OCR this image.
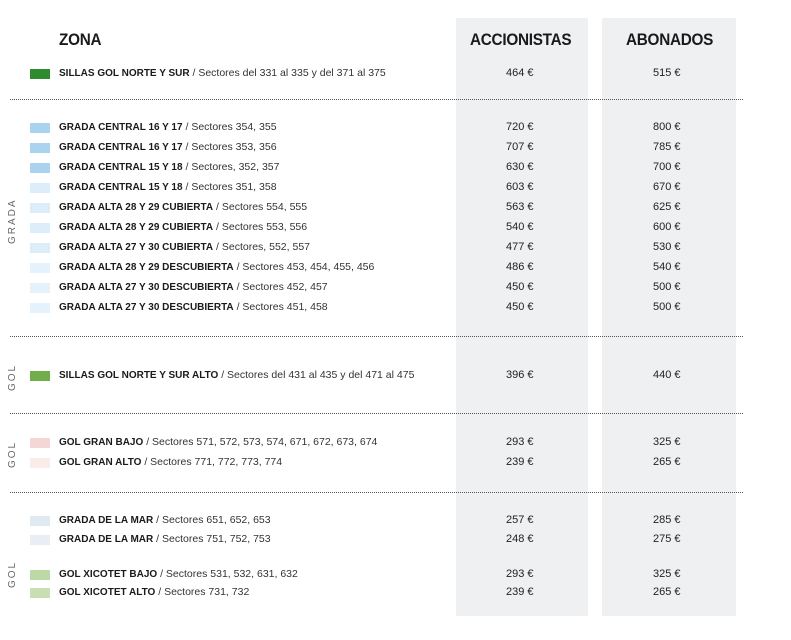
ZONA	ACCIONISTAS	ABONADOS
GRADA
GOL
GOL
GOL
SILLAS GOL NORTE Y SUR / Sectores del 331 al 335 y del 371 al 375	464 €	515 €
GRADA CENTRAL 16 Y 17 / Sectores 354, 355	720 €	800 €
GRADA CENTRAL 16 Y 17 / Sectores 353, 356	707 €	785 €
GRADA CENTRAL 15 Y 18 / Sectores, 352, 357	630 €	700 €
GRADA CENTRAL 15 Y 18 / Sectores 351, 358	603 €	670 €
GRADA ALTA 28 Y 29 CUBIERTA / Sectores 554, 555	563 €	625 €
GRADA ALTA 28 Y 29 CUBIERTA / Sectores 553, 556	540 €	600 €
GRADA ALTA 27 Y 30 CUBIERTA / Sectores, 552, 557	477 €	530 €
GRADA ALTA 28 Y 29 DESCUBIERTA / Sectores 453, 454, 455, 456	486 €	540 €
GRADA ALTA 27 Y 30 DESCUBIERTA / Sectores 452, 457	450 €	500 €
GRADA ALTA 27 Y 30 DESCUBIERTA / Sectores 451, 458	450 €	500 €
SILLAS GOL NORTE Y SUR ALTO / Sectores del 431 al 435 y del 471 al 475	396 €	440 €
GOL GRAN BAJO / Sectores 571, 572, 573, 574, 671, 672, 673, 674	293 €	325 €
GOL GRAN ALTO / Sectores 771, 772, 773, 774	239 €	265 €
GRADA DE LA MAR / Sectores 651, 652, 653	257 €	285 €
GRADA DE LA MAR / Sectores 751, 752, 753	248 €	275 €
GOL XICOTET BAJO / Sectores 531, 532, 631, 632	293 €	325 €
GOL XICOTET ALTO / Sectores 731, 732	239 €	265 €
